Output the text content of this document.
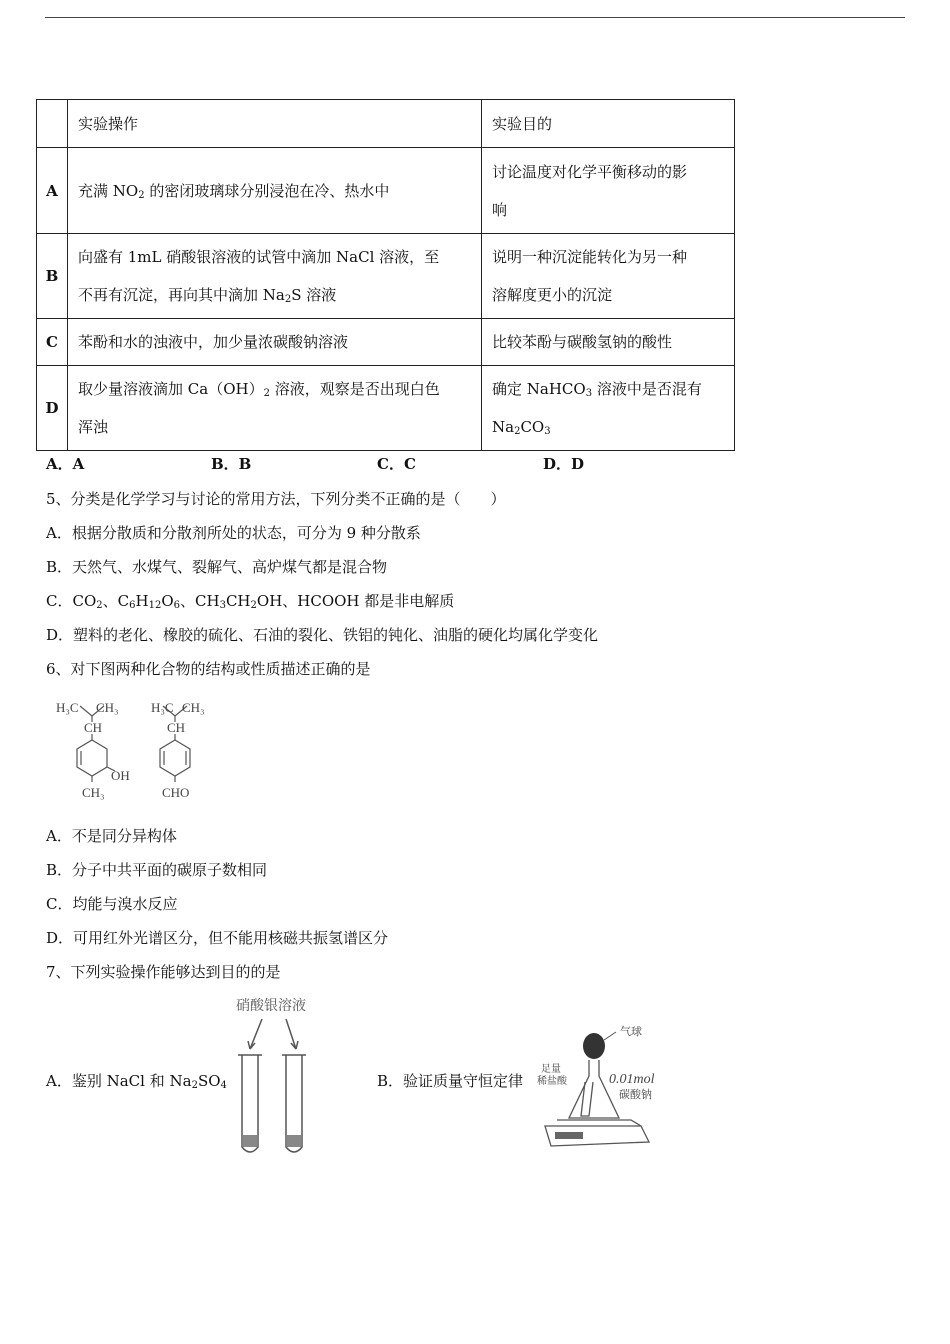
	实验操作	实验目的
A	充满 $NO_2$ 的密闭玻璃球分别浸泡在冷、热水中	讨论温度对化学平衡移动的影
响
B	向盛有 1mL 硝酸银溶液的试管中滴加 NaCl 溶液，至
不再有沉淀，再向其中滴加 $Na_2S$ 溶液	说明一种沉淀能转化为另一种
溶解度更小的沉淀
C	苯酚和水的浊液中，加少量浓碳酸钠溶液	比较苯酚与碳酸氢钠的酸性
D	取少量溶液滴加 $Ca(OH)_2$ 溶液，观察是否出现白色
浑浊	确定 NaHCO$_3$ 溶液中是否混有
$Na_2CO_3$
A．A	B．B	C．C	D．D
5、分类是化学学习与讨论的常用方法，下列分类不正确的是（　　）
A．根据分散质和分散剂所处的状态，可分为 9 种分散系
B．天然气、水煤气、裂解气、高炉煤气都是混合物
C．$CO_2$、$C_6H_{12}O_6$、$CH_3CH_2OH$、HCOOH 都是非电解质
D．塑料的老化、橡胶的硫化、石油的裂化、铁铝的钝化、油脂的硬化均属化学变化
6、对下图两种化合物的结构或性质描述正确的是
H₃C CH₃
CH
OH
CH₃
H₃C CH₃
CH
CHO
A．不是同分异构体
B．分子中共平面的碳原子数相同
C．均能与溴水反应
D．可用红外光谱区分，但不能用核磁共振氢谱区分
7、下列实验操作能够达到目的的是
A．鉴别 NaCl 和 $Na_2SO_4$
硝酸银溶液
B．验证质量守恒定律
气球
足量
稀盐酸	0.01mol
碳酸钠
